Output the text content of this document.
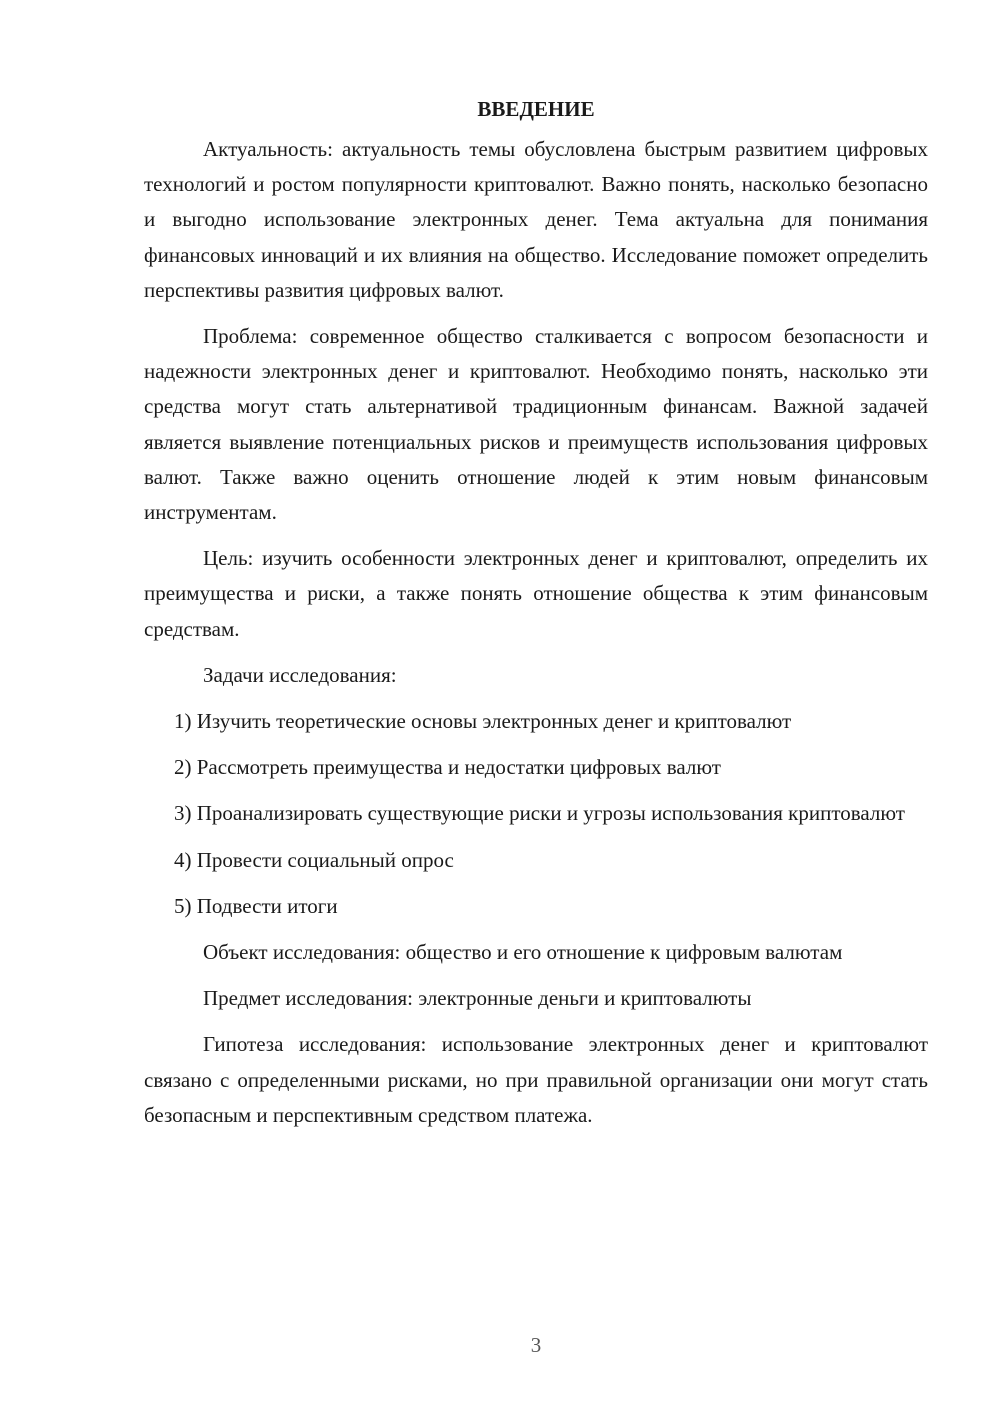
ВВЕДЕНИЕ

Актуальность: актуальность темы обусловлена быстрым развитием цифровых технологий и ростом популярности криптовалют. Важно понять, насколько безопасно и выгодно использование электронных денег. Тема актуальна для понимания финансовых инноваций и их влияния на общество. Исследование поможет определить перспективы развития цифровых валют.

Проблема: современное общество сталкивается с вопросом безопасности и надежности электронных денег и криптовалют. Необходимо понять, насколько эти средства могут стать альтернативой традиционным финансам. Важной задачей является выявление потенциальных рисков и преимуществ использования цифровых валют. Также важно оценить отношение людей к этим новым финансовым инструментам.

Цель: изучить особенности электронных денег и криптовалют, определить их преимущества и риски, а также понять отношение общества к этим финансовым средствам.

Задачи исследования:

1) Изучить теоретические основы электронных денег и криптовалют

2) Рассмотреть преимущества и недостатки цифровых валют

3) Проанализировать существующие риски и угрозы использования криптовалют

4) Провести социальный опрос

5) Подвести итоги

Объект исследования: общество и его отношение к цифровым валютам

Предмет исследования: электронные деньги и криптовалюты

Гипотеза исследования: использование электронных денег и криптовалют связано с определенными рисками, но при правильной организации они могут стать безопасным и перспективным средством платежа.

3
